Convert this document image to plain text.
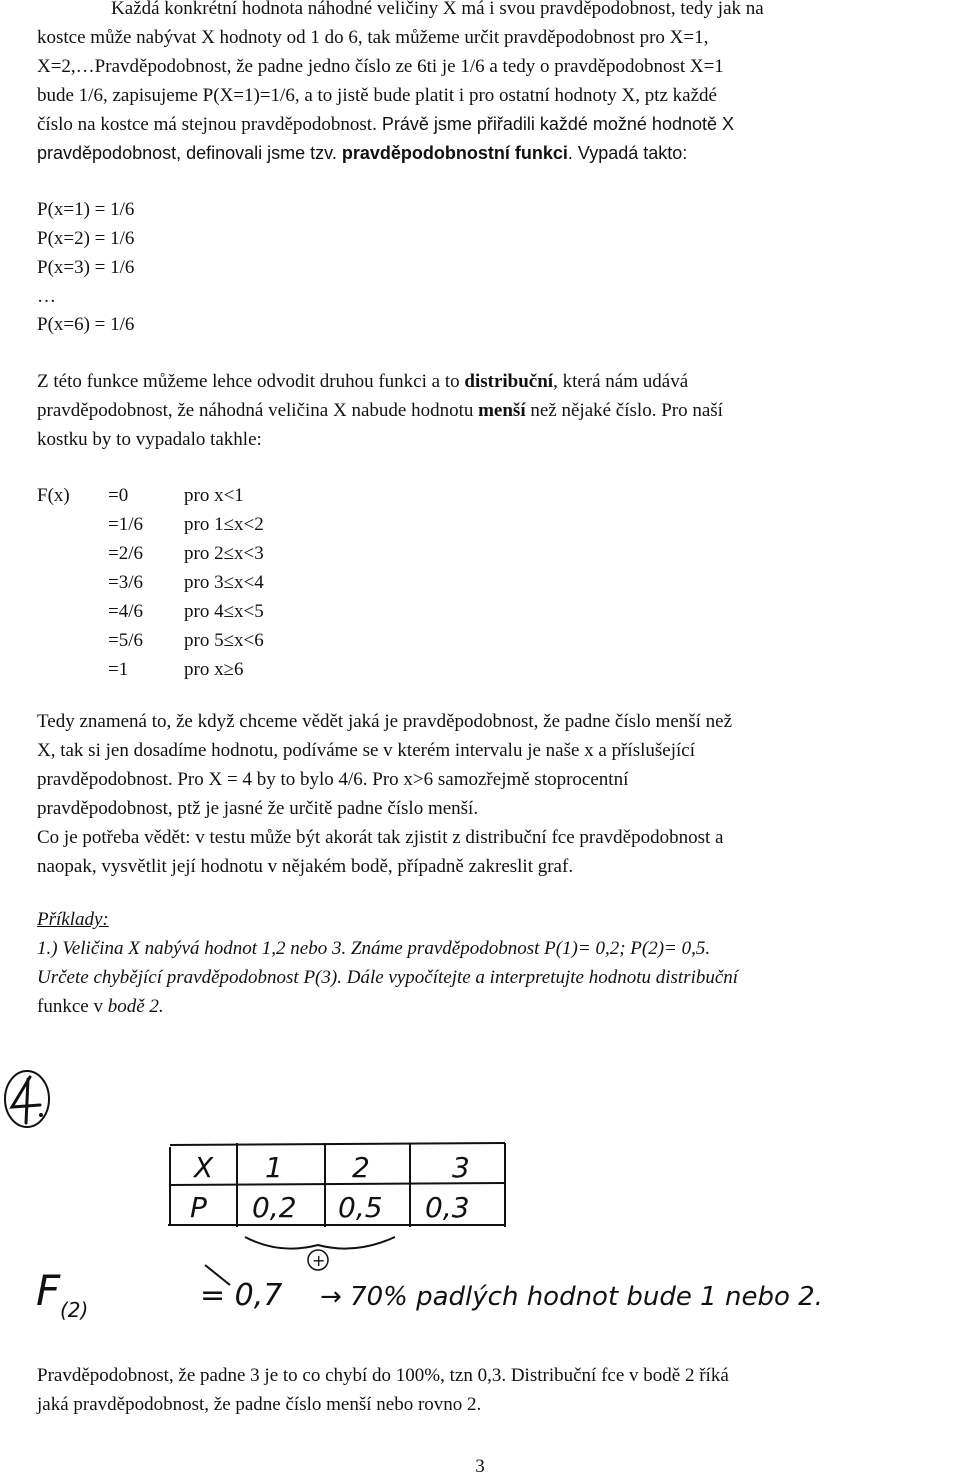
Každá konkrétní hodnota náhodné veličiny X má i svou pravděpodobnost, tedy jak na
kostce může nabývat X hodnoty od 1 do 6, tak můžeme určit pravděpodobnost pro X=1,
X=2,…Pravděpodobnost, že padne jedno číslo ze 6ti je 1/6 a tedy o pravděpodobnost X=1
bude 1/6, zapisujeme P(X=1)=1/6, a to jistě bude platit i pro ostatní hodnoty X, ptz každé
číslo na kostce má stejnou pravděpodobnost. Právě jsme přiřadili každé možné hodnotě X
pravděpodobnost, definovali jsme tzv. pravděpodobnostní funkci. Vypadá takto:
P(x=1) = 1/6
P(x=2) = 1/6
P(x=3) = 1/6
…
P(x=6) = 1/6
Z této funkce můžeme lehce odvodit druhou funkci a to distribuční, která nám udává
pravděpodobnost, že náhodná veličina X nabude hodnotu menší než nějaké číslo. Pro naší
kostku by to vypadalo takhle:
F(x) =0
=1/6
=2/6
=3/6
=4/6
=5/6
=1
pro x<1
pro 1≤x<2
pro 2≤x<3
pro 3≤x<4
pro 4≤x<5
pro 5≤x<6
pro x≥6
Tedy znamená to, že když chceme vědět jaká je pravděpodobnost, že padne číslo menší než
X, tak si jen dosadíme hodnotu, podíváme se v kterém intervalu je naše x a příslušející
pravděpodobnost. Pro X = 4 by to bylo 4/6. Pro x>6 samozřejmě stoprocentní
pravděpodobnost, ptž je jasné že určitě padne číslo menší.
Co je potřeba vědět: v testu může být akorát tak zjistit z distribuční fce pravděpodobnost a
naopak, vysvětlit její hodnotu v nějakém bodě, případně zakreslit graf.
Příklady:
1.) Veličina X nabývá hodnot 1,2 nebo 3. Známe pravděpodobnost P(1)= 0,2; P(2)= 0,5.
Určete chybějící pravděpodobnost P(3). Dále vypočítejte a interpretujte hodnotu distribuční
funkce v bodě 2.
X
P
1 2	3
0,2 0,5 0,3
+
F (2)	= 0,7 → 70% padlých hodnot bude 1 nebo 2.
Pravděpodobnost, že padne 3 je to co chybí do 100%, tzn 0,3. Distribuční fce v bodě 2 říká
jaká pravděpodobnost, že padne číslo menší nebo rovno 2.
3
